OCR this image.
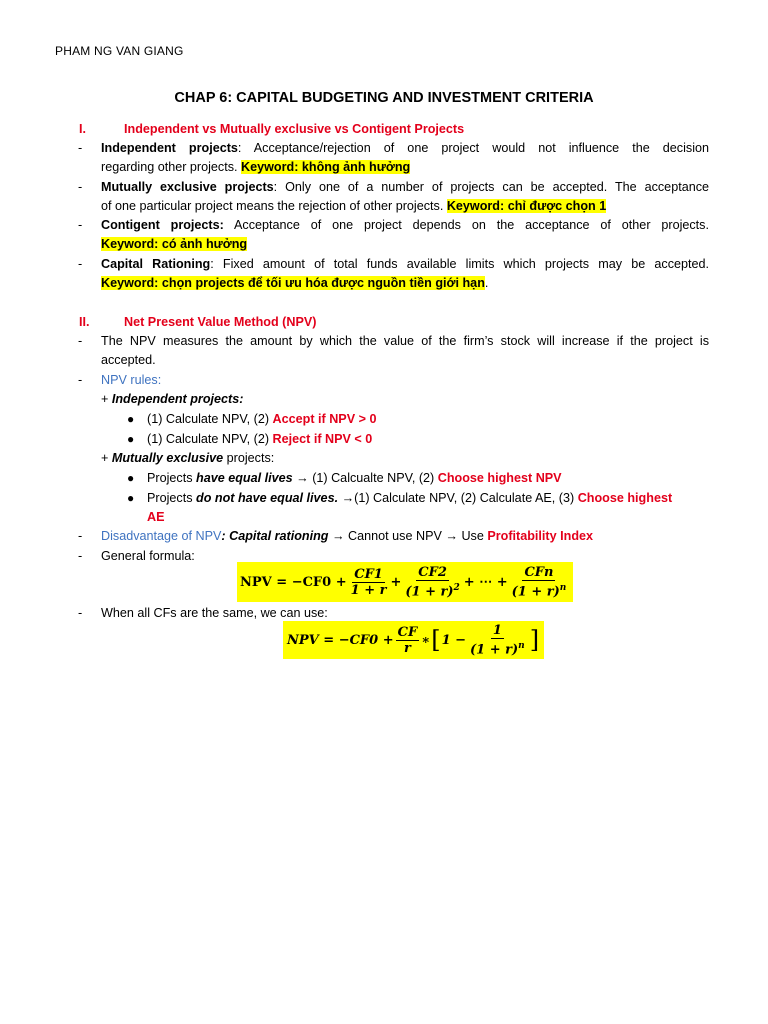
PHAM NG VAN GIANG
CHAP 6: CAPITAL BUDGETING AND INVESTMENT CRITERIA
I.	Independent vs Mutually exclusive vs Contigent Projects
- Independent projects: Acceptance/rejection of one project would not influence the decision
regarding other projects. Keyword: không ảnh hưởng
- Mutually exclusive projects: Only one of a number of projects can be accepted. The acceptance
of one particular project means the rejection of other projects. Keyword: chỉ được chọn 1
- Contigent projects: Acceptance of one project depends on the acceptance of other projects.
Keyword: có ảnh hưởng
- Capital Rationing: Fixed amount of total funds available limits which projects may be accepted.
Keyword: chọn projects để tối ưu hóa được nguồn tiền giới hạn.
II.	Net Present Value Method (NPV)
- The NPV measures the amount by which the value of the firm’s stock will increase if the project is
accepted.
- NPV rules:
+ Independent projects:
● (1) Calculate NPV, (2) Accept if NPV > 0
● (1) Calculate NPV, (2) Reject if NPV < 0
+ Mutually exclusive projects:
● Projects have equal lives → (1) Calcualte NPV, (2) Choose highest NPV
● Projects do not have equal lives. →(1) Calculate NPV, (2) Calculate AE, (3) Choose highest
AE
- Disadvantage of NPV: Capital rationing → Cannot use NPV → Use Profitability Index
- General formula:
NPV = $-CF0 + \frac{CF1}{1 + r} + \frac{CF2}{(1 + r)^2}$ + ⋯ + $\frac{\text{CFn}}{(1 + r)^n}$
- When all CFs are the same, we can use:
NPV = $-CF0 + \frac{CF}{r}$ ∗ [ $1 - \frac{1}{(1 + r)^n}$ ]
